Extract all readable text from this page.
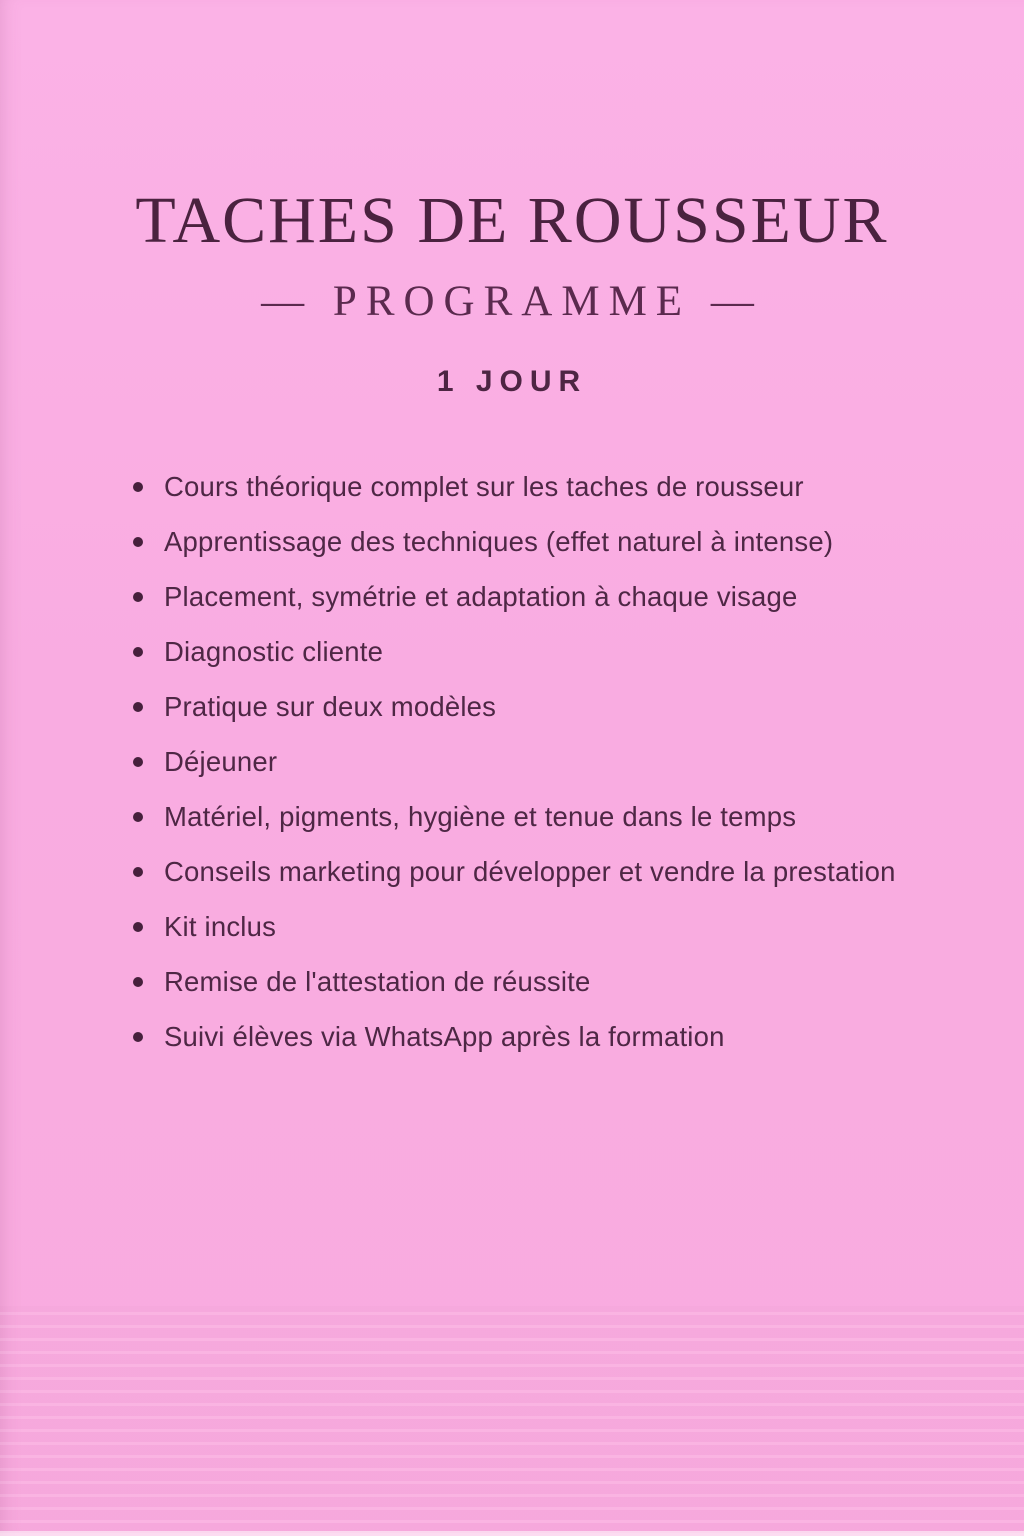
TACHES DE ROUSSEUR
— PROGRAMME —
1 JOUR
Cours théorique complet sur les taches de rousseur
Apprentissage des techniques (effet naturel à intense)
Placement, symétrie et adaptation à chaque visage
Diagnostic cliente
Pratique sur deux modèles
Déjeuner
Matériel, pigments, hygiène et tenue dans le temps
Conseils marketing pour développer et vendre la prestation
Kit inclus
Remise de l'attestation de réussite
Suivi élèves via WhatsApp après la formation
